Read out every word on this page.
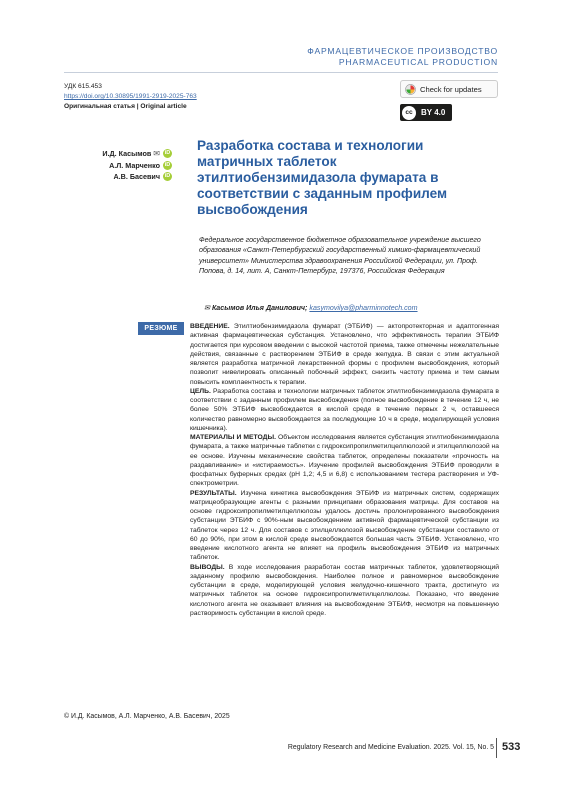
ФАРМАЦЕВТИЧЕСКОЕ ПРОИЗВОДСТВО
PHARMACEUTICAL PRODUCTION
УДК 615.453
https://doi.org/10.30895/1991-2919-2025-763
Оригинальная статья | Original article
Check for updates
cc	BY 4.0
И.Д. Касымов ✉ iD
А.Л. Марченко iD
А.В. Басевич iD
Разработка состава и технологии матричных таблеток этилтиобензимидазола фумарата в соответствии с заданным профилем высвобождения
Федеральное государственное бюджетное образовательное учреждение высшего образования «Санкт-Петербургский государственный химико-фармацевтический университет» Министерства здравоохранения Российской Федерации, ул. Проф. Попова, д. 14, лит. А, Санкт-Петербург, 197376, Российская Федерация
✉ Касымов Илья Данилович; kasymovilya@pharminnotech.com
РЕЗЮМЕ	ВВЕДЕНИЕ. Этилтиобензимидазола фумарат (ЭТБИФ) — актопротекторная и адаптогенная активная фармацевтическая субстанция. Установлено, что эффективность терапии ЭТБИФ достигается при курсовом введении с высокой частотой приема, также отмечены нежелательные действия, связанные с растворением ЭТБИФ в среде желудка. В связи с этим актуальной является разработка матричной лекарственной формы с профилем высвобождения, который позволит нивелировать описанный побочный эффект, снизить частоту приема и тем самым повысить комплаентность к терапии.

ЦЕЛЬ. Разработка состава и технологии матричных таблеток этилтиобензимидазола фумарата в соответствии с заданным профилем высвобождения (полное высвобождение в течение 12 ч, не более 50% ЭТБИФ высвобождается в кислой среде в течение первых 2 ч, оставшееся количество равномерно высвобождается за последующие 10 ч в среде, моделирующей условия кишечника).

МАТЕРИАЛЫ И МЕТОДЫ. Объектом исследования является субстанция этилтиобензимидазола фумарата, а также матричные таблетки с гидроксипропилметилцеллюлозой и этилцеллюлозой на ее основе. Изучены механические свойства таблеток, определены показатели «прочность на раздавливание» и «истираемость». Изучение профилей высвобождения ЭТБИФ проводили в фосфатных буферных средах (pH 1,2; 4,5 и 6,8) с использованием тестера растворения и УФ-спектрометрии.

РЕЗУЛЬТАТЫ. Изучена кинетика высвобождения ЭТБИФ из матричных систем, содержащих матрицеобразующие агенты с разными принципами образования матрицы. Для составов на основе гидроксипропилметилцеллюлозы удалось достичь пролонгированного высвобождения субстанции ЭТБИФ с 90%-ным высвобождением активной фармацевтической субстанции из таблеток через 12 ч. Для составов с этилцеллюлозой высвобождение субстанции составило от 60 до 90%, при этом в кислой среде высвобождается большая часть ЭТБИФ. Установлено, что введение кислотного агента не влияет на профиль высвобождения ЭТБИФ из матричных таблеток.

ВЫВОДЫ. В ходе исследования разработан состав матричных таблеток, удовлетворяющий заданному профилю высвобождения. Наиболее полное и равномерное высвобождение субстанции в среде, моделирующей условия желудочно-кишечного тракта, достигнуто из матричных таблеток на основе гидроксипропилметилцеллюлозы. Показано, что введение кислотного агента не оказывает влияния на высвобождение ЭТБИФ, несмотря на повышенную растворимость субстанции в кислой среде.

© И.Д. Касымов, А.Л. Марченко, А.В. Басевич, 2025
Regulatory Research and Medicine Evaluation. 2025. Vol. 15, No. 5 533
